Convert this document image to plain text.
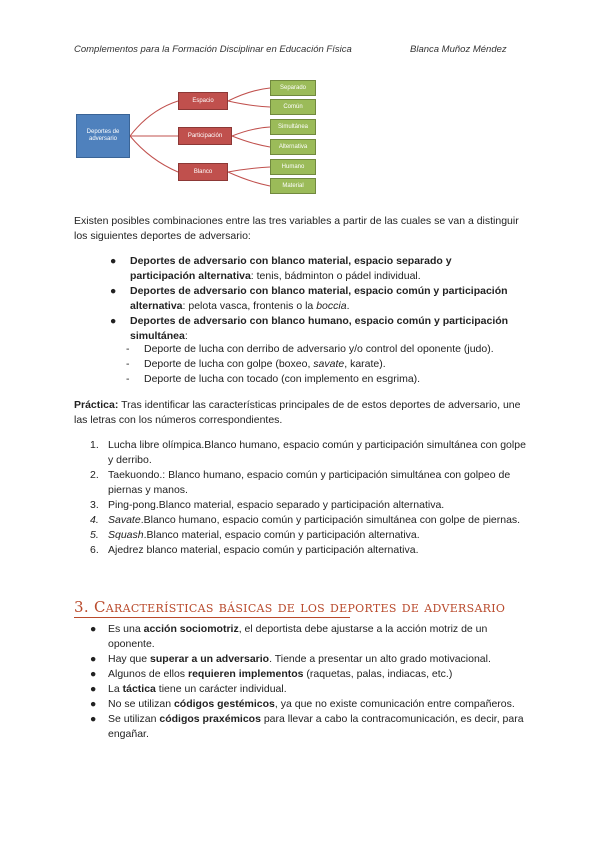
Complementos para la Formación Disciplinar en Educación Física	Blanca Muñoz Méndez
Deportes de adversario
Espacio
Participación
Blanco
Separado
Común
Simultánea
Alternativa
Humano
Material
Existen posibles combinaciones entre las tres variables a partir de las cuales se van a distinguir los siguientes deportes de adversario:
● Deportes de adversario con blanco material, espacio separado y participación alternativa: tenis, bádminton o pádel individual.
● Deportes de adversario con blanco material, espacio común y participación alternativa: pelota vasca, frontenis o la boccia.
● Deportes de adversario con blanco humano, espacio común y participación simultánea:
- Deporte de lucha con derribo de adversario y/o control del oponente (judo).
- Deporte de lucha con golpe (boxeo, savate, karate).
- Deporte de lucha con tocado (con implemento en esgrima).
Práctica: Tras identificar las características principales de de estos deportes de adversario, une las letras con los números correspondientes.
1. Lucha libre olímpica.Blanco humano, espacio común y participación simultánea con golpe y derribo.
2. Taekuondo.: Blanco humano, espacio común y participación simultánea con golpeo de piernas y manos.
3. Ping-pong.Blanco material, espacio separado y participación alternativa.
4. Savate.Blanco humano, espacio común y participación simultánea con golpe de piernas.
5. Squash.Blanco material, espacio común y participación alternativa.
6. Ajedrez blanco material, espacio común y participación alternativa.
3. Características básicas de los deportes de adversario
● Es una acción sociomotriz, el deportista debe ajustarse a la acción motriz de un oponente.
● Hay que superar a un adversario. Tiende a presentar un alto grado motivacional.
● Algunos de ellos requieren implementos (raquetas, palas, indiacas, etc.)
● La táctica tiene un carácter individual.
● No se utilizan códigos gestémicos, ya que no existe comunicación entre compañeros.
● Se utilizan códigos praxémicos para llevar a cabo la contracomunicación, es decir, para engañar.
